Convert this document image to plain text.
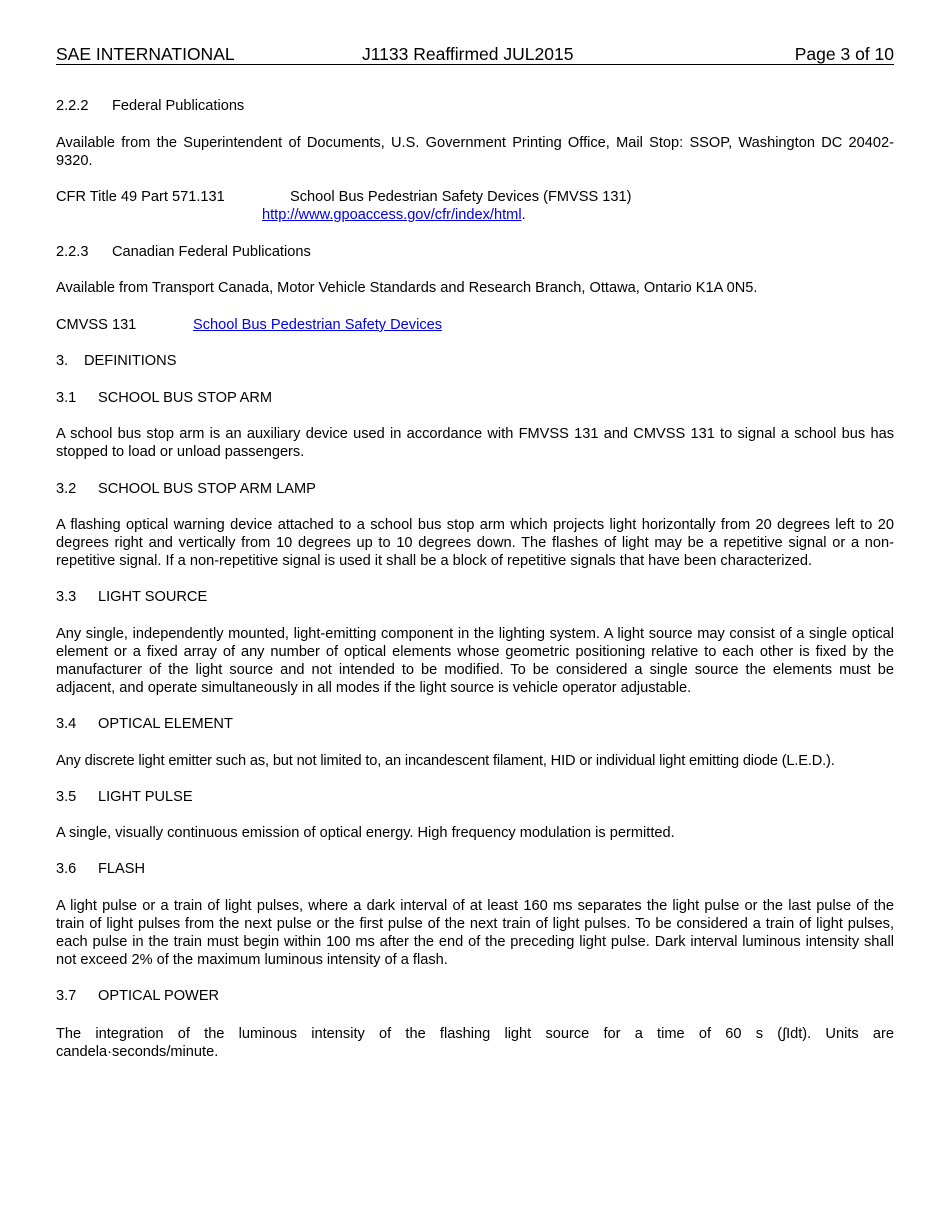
SAE INTERNATIONAL	J1133 Reaffirmed JUL2015	Page 3 of 10
2.2.2 Federal Publications
Available from the Superintendent of Documents, U.S. Government Printing Office, Mail Stop: SSOP, Washington DC 20402-9320.
CFR Title 49 Part 571.131	School Bus Pedestrian Safety Devices (FMVSS 131)
http://www.gpoaccess.gov/cfr/index/html.
2.2.3 Canadian Federal Publications
Available from Transport Canada, Motor Vehicle Standards and Research Branch, Ottawa, Ontario K1A 0N5.
CMVSS 131	School Bus Pedestrian Safety Devices
3. DEFINITIONS
3.1 SCHOOL BUS STOP ARM
A school bus stop arm is an auxiliary device used in accordance with FMVSS 131 and CMVSS 131 to signal a school bus has stopped to load or unload passengers.
3.2 SCHOOL BUS STOP ARM LAMP
A flashing optical warning device attached to a school bus stop arm which projects light horizontally from 20 degrees left to 20 degrees right and vertically from 10 degrees up to 10 degrees down. The flashes of light may be a repetitive signal or a non-repetitive signal. If a non-repetitive signal is used it shall be a block of repetitive signals that have been characterized.
3.3 LIGHT SOURCE
Any single, independently mounted, light-emitting component in the lighting system. A light source may consist of a single optical element or a fixed array of any number of optical elements whose geometric positioning relative to each other is fixed by the manufacturer of the light source and not intended to be modified. To be considered a single source the elements must be adjacent, and operate simultaneously in all modes if the light source is vehicle operator adjustable.
3.4 OPTICAL ELEMENT
Any discrete light emitter such as, but not limited to, an incandescent filament, HID or individual light emitting diode (L.E.D.).
3.5 LIGHT PULSE
A single, visually continuous emission of optical energy. High frequency modulation is permitted.
3.6 FLASH
A light pulse or a train of light pulses, where a dark interval of at least 160 ms separates the light pulse or the last pulse of the train of light pulses from the next pulse or the first pulse of the next train of light pulses. To be considered a train of light pulses, each pulse in the train must begin within 100 ms after the end of the preceding light pulse. Dark interval luminous intensity shall not exceed 2% of the maximum luminous intensity of a flash.
3.7 OPTICAL POWER
The integration of the luminous intensity of the flashing light source for a time of 60 s (∫Idt). Units are
candela·seconds/minute.
